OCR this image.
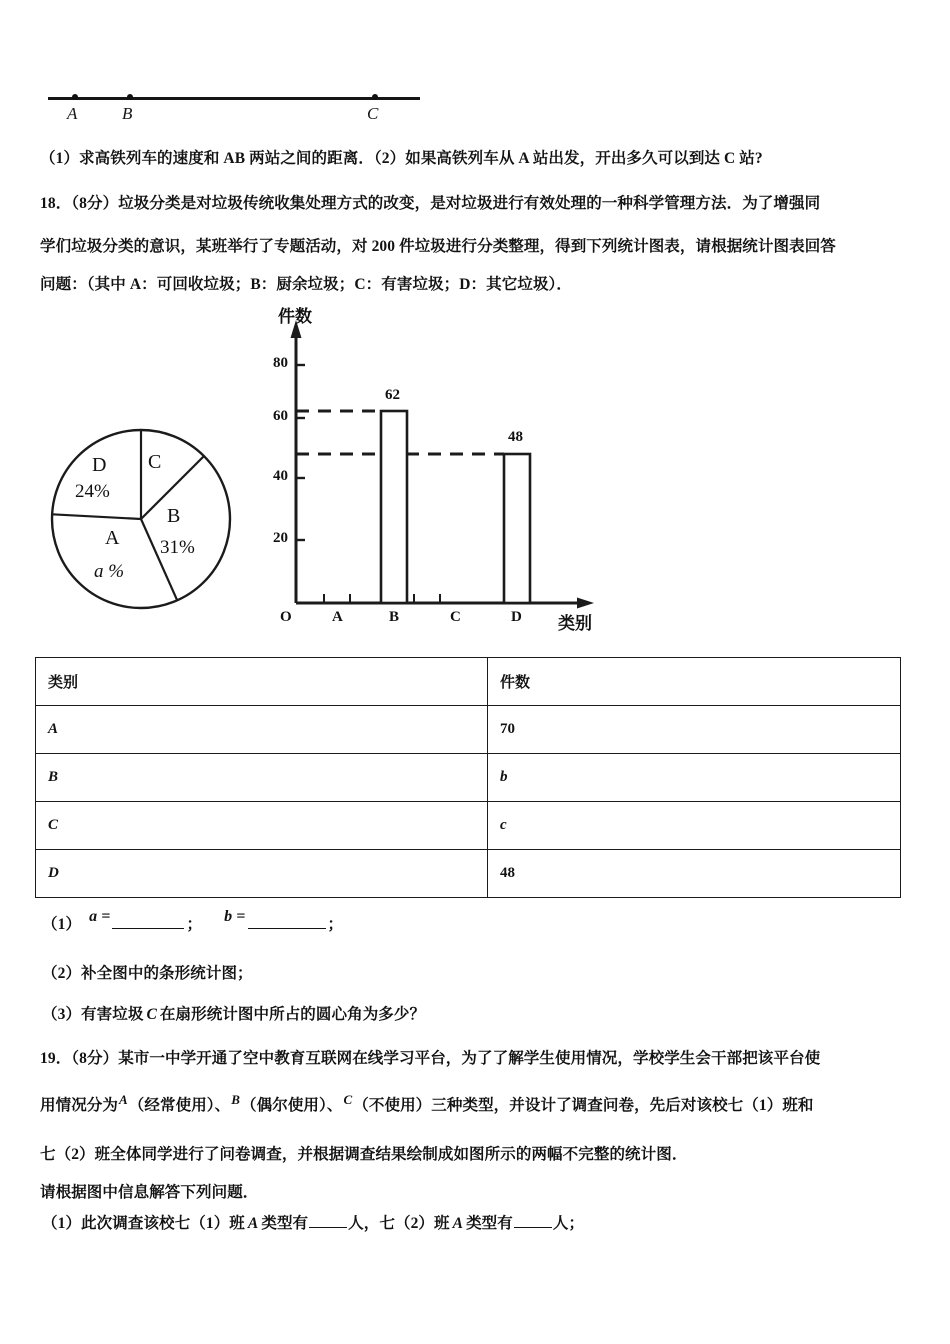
A	B	C
（1）求高铁列车的速度和 AB 两站之间的距离．（2）如果高铁列车从 A 站出发，开出多久可以到达 C 站?
18．（8分）垃圾分类是对垃圾传统收集处理方式的改变，是对垃圾进行有效处理的一种科学管理方法．为了增强同
学们垃圾分类的意识，某班举行了专题活动，对 200 件垃圾进行分类整理，得到下列统计图表，请根据统计图表回答
问题：（其中 A：可回收垃圾；B：厨余垃圾；C：有害垃圾；D：其它垃圾）．
D
24%
C
B
31%
A
a %
件数
类别
80
60
40
20
O	A	B	C	D
62
48
类别	件数
A	70
B	b
C	c
D	48
（1） a =	； b =	；
（2）补全图中的条形统计图；
（3）有害垃圾 C 在扇形统计图中所占的圆心角为多少？
19．（8分）某市一中学开通了空中教育互联网在线学习平台，为了了解学生使用情况，学校学生会干部把该平台使
用情况分为$^A$（经常使用）、$^B$（偶尔使用）、$^C$（不使用）三种类型，并设计了调查问卷，先后对该校七（1）班和
七（2）班全体同学进行了问卷调查，并根据调查结果绘制成如图所示的两幅不完整的统计图．
请根据图中信息解答下列问题．
（1）此次调查该校七（1）班 A 类型有	人，七（2）班 A 类型有	人；
